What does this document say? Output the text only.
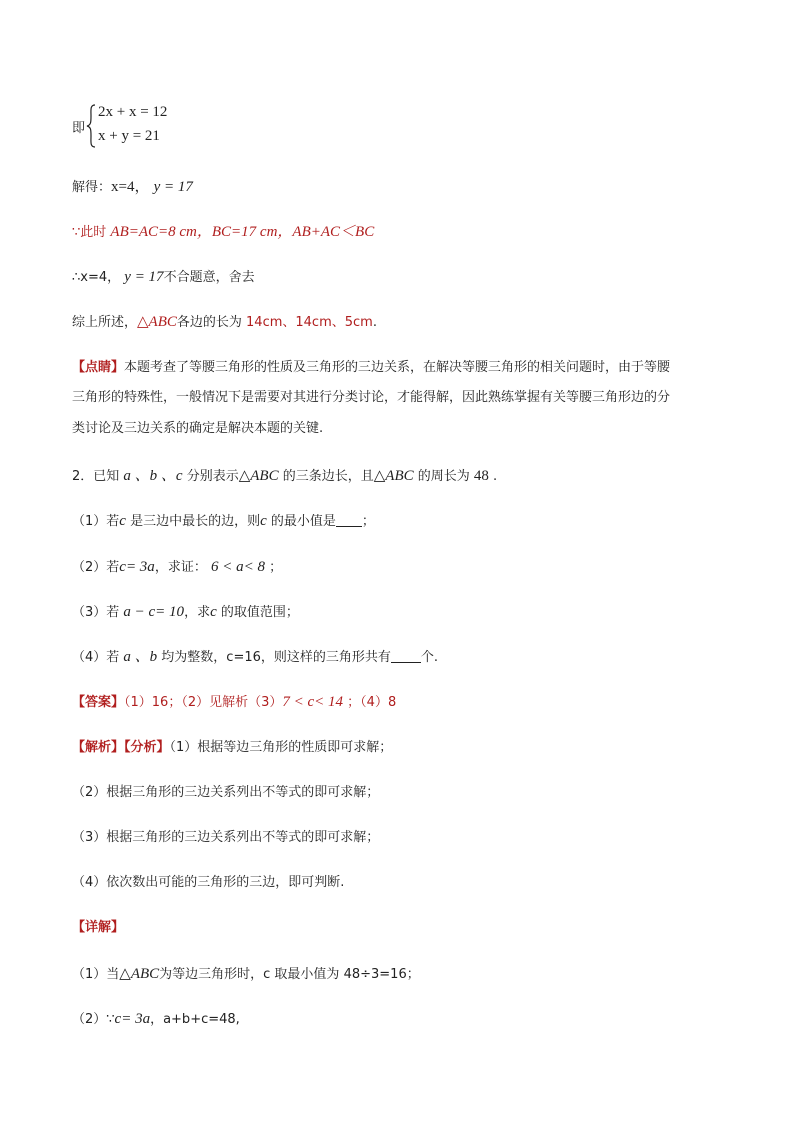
即
2x + x = 12
x + y = 21
解得：x=4， y = 17
∵此时 AB=AC=8 cm，BC=17 cm，AB+AC＜BC
∴x=4， y = 17不合题意，舍去
综上所述，△ABC各边的长为 14cm、14cm、5cm.
【点睛】本题考查了等腰三角形的性质及三角形的三边关系，在解决等腰三角形的相关问题时，由于等腰
三角形的特殊性，一般情况下是需要对其进行分类讨论，才能得解，因此熟练掌握有关等腰三角形边的分
类讨论及三边关系的确定是解决本题的关键.
2．已知 a 、b 、c 分别表示△ABC 的三条边长，且△ABC 的周长为 48 .
（1）若c 是三边中最长的边，则c 的最小值是 ；
（2）若c= 3a，求证： 6 < a< 8 ；
（3）若 a − c= 10，求c 的取值范围；
（4）若 a 、b 均为整数，c=16，则这样的三角形共有 个.
【答案】（1）16；（2）见解析（3）7 < c< 14 ；（4）8
【解析】【分析】（1）根据等边三角形的性质即可求解；
（2）根据三角形的三边关系列出不等式的即可求解；
（3）根据三角形的三边关系列出不等式的即可求解；
（4）依次数出可能的三角形的三边，即可判断.
【详解】
（1）当△ABC为等边三角形时，c 取最小值为 48÷3=16；
（2）∵c= 3a，a+b+c=48,
